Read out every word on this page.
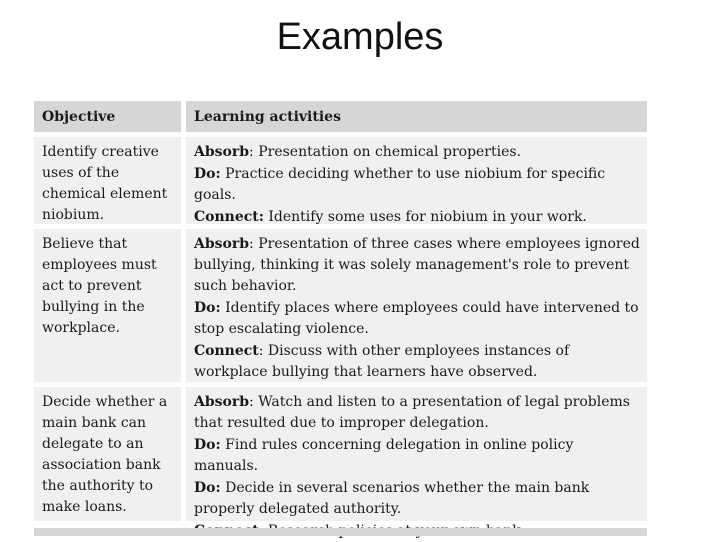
Examples
Objective	Learning activities
Identify creative uses of the chemical element niobium.
Absorb: Presentation on chemical properties.
Do: Practice deciding whether to use niobium for specific goals.
Connect: Identify some uses for niobium in your work.
Believe that employees must act to prevent bullying in the workplace.
Absorb: Presentation of three cases where employees ignored bullying, thinking it was solely management's role to prevent such behavior.
Do: Identify places where employees could have intervened to stop escalating violence.
Connect: Discuss with other employees instances of workplace bullying that learners have observed.
Decide whether a main bank can delegate to an association bank the authority to make loans.
Absorb: Watch and listen to a presentation of legal problems that resulted due to improper delegation.
Do: Find rules concerning delegation in online policy manuals.
Do: Decide in several scenarios whether the main bank properly delegated authority.
